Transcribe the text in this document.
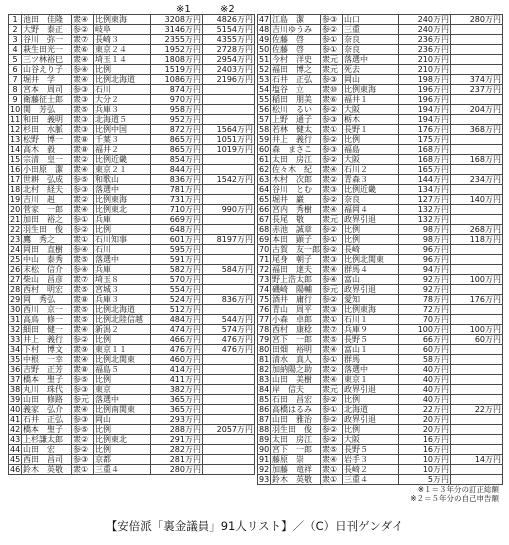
※1	※2
1	池田　佳隆	衆④	比例東海	3208万円	4826万円
2	大野　泰正	参②	岐阜	3146万円	5154万円
3	谷川　弥一	衆⑦	長崎３	2355万円	4355万円
4	萩生田光一	衆⑥	東京２４	1952万円	2728万円
5	三ツ林裕巳	衆④	埼玉１４	1808万円	2954万円
6	山谷えり子	参④	比例	1519万円	2403万円
7	堀井　学	衆④	比例北海道	1086万円	2196万円
8	宮本　周司	参③	石川	874万円	
9	衛藤征士郎	衆③	大分２	970万円	
10	関　芳弘	衆⑤	兵庫３	958万円	
11	和田　義明	衆③	北海道５	952万円	
12	杉田　水脈	衆③	比例中国	872万円	1564万円
13	松野　博一	衆⑧	千葉３	865万円	1051万円
14	高木　毅	衆⑧	福井２	865万円	1019万円
15	宗清　皇一	衆②	比例近畿	854万円	
16	小田原　潔	衆④	東京２１	844万円	
17	世耕　弘成	参⑤	和歌山	836万円	1542万円
18	北村　経夫	参③	落選中	781万円	
19	吉川　赳	衆②	比例東海	731万円	
20	菅家　一郎	衆④	比例東北	710万円	990万円
21	加田　裕之	参①	兵庫	669万円	
22	羽生田　俊	参②	比例	648万円	
23	鷹　秀之	衆①	石川知事	601万円	8197万円
24	岡田　直樹	参④	石川	595万円	
25	中山　泰秀	衆⑤	落選中	591万円	
26	末松　信介	参④	兵庫	582万円	584万円
27	柴山　昌彦	衆⑦	埼玉８	570万円	
28	西村　明宏	衆⑤	宮城３	554万円	
29	岡　秀弘	衆⑧	兵庫３	524万円	836万円
30	西川　京一	衆⑤	比例北海道	512万円	
31	高鳥　修一	衆⑤	比例北陸信越	484万円	544万円
32	細田　健一	衆④	新潟２	474万円	574万円
33	井上　義行	参②	比例	466万円	476万円
34	下村　博文	衆⑨	東京１１	476万円	476万円
35	中根　一幸	衆④	比例北関東	460万円	
36	吉野　正芳	衆⑧	福島５	414万円	
37	橋本　聖子	参⑤	比例	411万円	
38	丸川　珠代	参③	東京	382万円	
39	山田　修路	参元	落選中	365万円	
40	義家　弘介	衆④	比例南関東	365万円	
41	石井　正弘	参③	岡山	293万円	
42	橋本　聖子	参⑤	比例	288万円	2057万円
43	上杉謙太郎	衆②	比例東北	291万円	
44	山田　宏	参②	比例	282万円	
45	西田　昌司	参③	京都	281万円	
46	鈴木　英敬	衆①	三重４	280万円	
47	江島　潔	参③	山口	240万円	280万円
48	吉川ゆうみ	参②	三重	240万円	
49	佐藤　啓	参①	奈良	236万円	
50	佐藤　啓	参①	奈良	236万円	
51	今村　洋史	衆元	落選中	210万円	
52	福田　博之	衆元	死去	210万円	
53	石井　正弘	参③	岡山	198万円	374万円
54	塩谷　立	衆⑩	比例東海	196万円	237万円
55	稲田　朋美	衆⑥	福井１	196万円	
56	松川　るい	参②	大阪	194万円	204万円
57	上野　通子	参③	栃木	194万円	
58	若林　健太	衆①	長野１	176万円	368万円
59	井上　義行	参②	比例	175万円	
60	森　まさこ	参③	福島	168万円	
61	太田　房江	参②	大阪	168万円	168万円
62	佐々木　紀	衆④	石川２	165万円	
63	木村　次郎	衆②	青森３	144万円	234万円
64	谷川　とむ	衆③	比例近畿	134万円	
65	堀井　巌	参②	奈良	127万円	140万円
66	宮内　秀樹	衆④	福岡４	132万円	
67	長尾　敬	衆元	政界引退	132万円	
68	赤池　誠章	参②	比例	98万円	268万円
69	本田　顕子	参①	比例	98万円	118万円
70	古賀　友一郎	参②	長崎	96万円	
71	尾身　朝子	衆③	比例北関東	96万円	
72	福田　達夫	衆④	群馬４	94万円	
73	野上浩太郎	参④	富山	92万円	100万円
74	磯崎　陽輔	参元	政界引退	92万円	
75	酒井　庸行	参②	愛知	78万円	176万円
76	青山　周平	衆③	比例東海	72万円	
77	小森　卓郎	衆①	石川１	70万円	
78	西村　康稔	衆⑦	兵庫９	100万円	100万円
79	宮下　一郎	衆⑤	長野５	66万円	60万円
80	田畑　裕明	衆④	富山１	60万円	
81	清水　真人	参①	群馬	58万円	
82	加納陽之助	衆②	落選中	40万円	
83	山田　美樹	衆④	東京１	40万円	
84	岸　信夫	衆元	政界引退	40万円	
85	石田　昌宏	参②	比例	40万円	
86	高橋はるみ	参①	北海道	22万円	22万円
87	山田　雅治	参②	政界引退	20万円	
88	羽生田　俊	参②	比例	20万円	
89	太田　房江	参②	大阪	16万円	
90	宮下　一郎	衆⑤	長野５	16万円	
91	藤原　崇	衆④	岩手３	10万円	14万円
92	加藤　竜祥	衆①	長崎２	10万円	
93	鈴木　英敬	衆①	三重４	5万円	
※１＝３年分の訂正総額
※２＝５年分の自己申告額
【安倍派「裏金議員」91人リスト】／（C）日刊ゲンダイ
